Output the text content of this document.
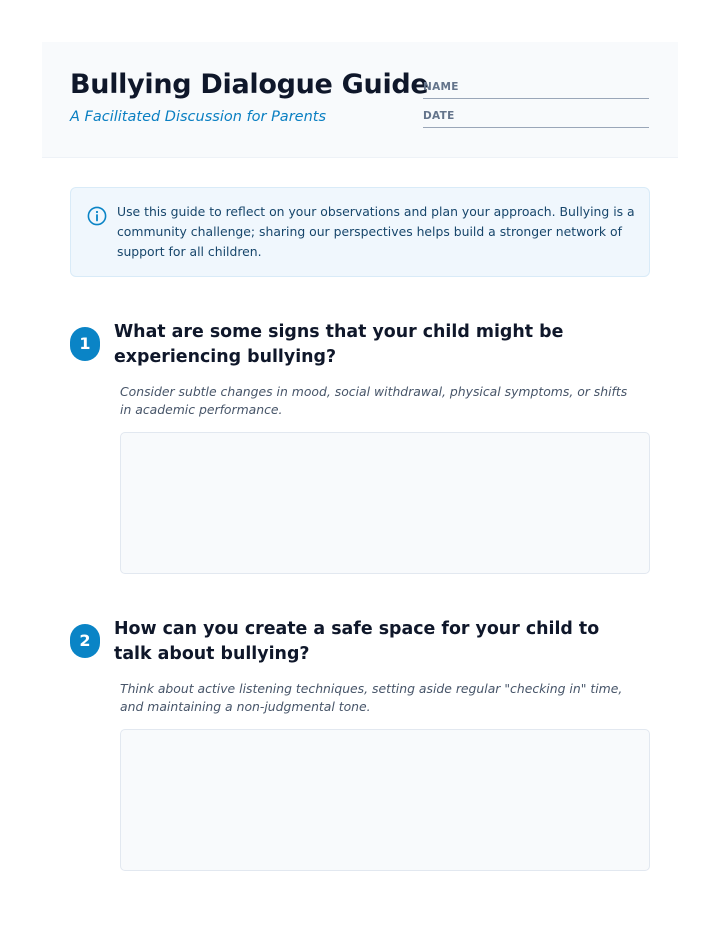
Bullying Dialogue Guide

A Facilitated Discussion for Parents

NAME
DATE

Use this guide to reflect on your observations and plan your approach. Bullying is a community challenge; sharing our perspectives helps build a stronger network of support for all children.

1
What are some signs that your child might be experiencing bullying?

Consider subtle changes in mood, social withdrawal, physical symptoms, or shifts in academic performance.

2
How can you create a safe space for your child to talk about bullying?

Think about active listening techniques, setting aside regular "checking in" time, and maintaining a non-judgmental tone.
